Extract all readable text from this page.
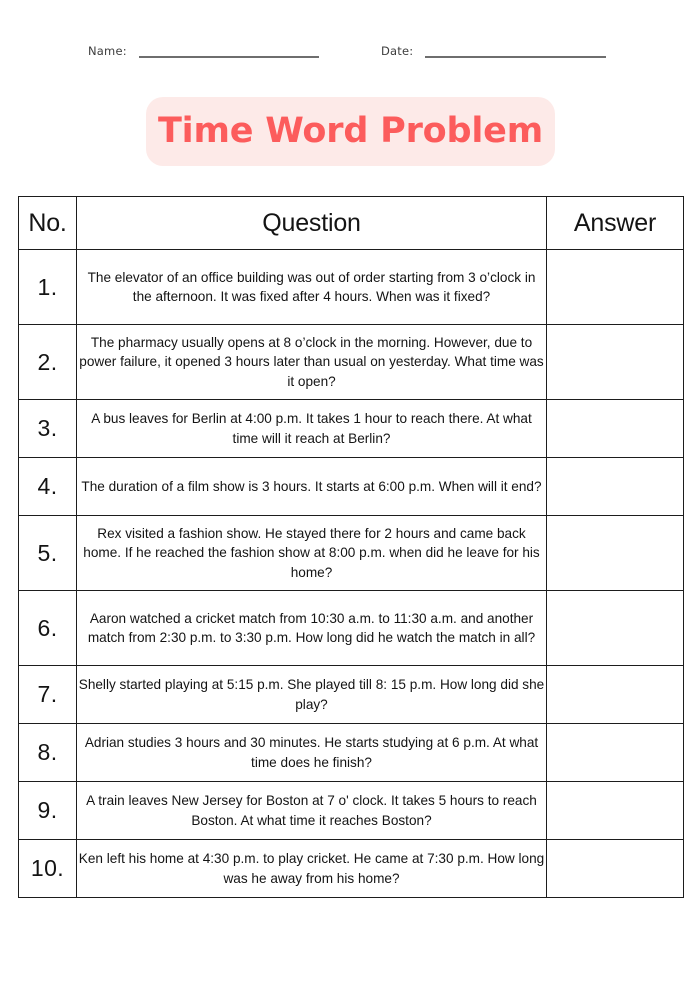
Name:	Date:
Time Word Problem
No.	Question	Answer
1.	The elevator of an office building was out of order starting from 3 o’clock in the afternoon. It was fixed after 4 hours. When was it fixed?	
2.	The pharmacy usually opens at 8 o’clock in the morning. However, due to power failure, it opened 3 hours later than usual on yesterday. What time was it open?	
3.	A bus leaves for Berlin at 4:00 p.m. It takes 1 hour to reach there. At what time will it reach at Berlin?	
4.	The duration of a film show is 3 hours. It starts at 6:00 p.m. When will it end?	
5.	Rex visited a fashion show. He stayed there for 2 hours and came back home. If he reached the fashion show at 8:00 p.m. when did he leave for his home?	
6.	Aaron watched a cricket match from 10:30 a.m. to 11:30 a.m. and another match from 2:30 p.m. to 3:30 p.m. How long did he watch the match in all?	
7.	Shelly started playing at 5:15 p.m. She played till 8: 15 p.m. How long did she play?	
8.	Adrian studies 3 hours and 30 minutes. He starts studying at 6 p.m. At what time does he finish?	
9.	A train leaves New Jersey for Boston at 7 o' clock. It takes 5 hours to reach Boston. At what time it reaches Boston?	
10.	Ken left his home at 4:30 p.m. to play cricket. He came at 7:30 p.m. How long was he away from his home?	
